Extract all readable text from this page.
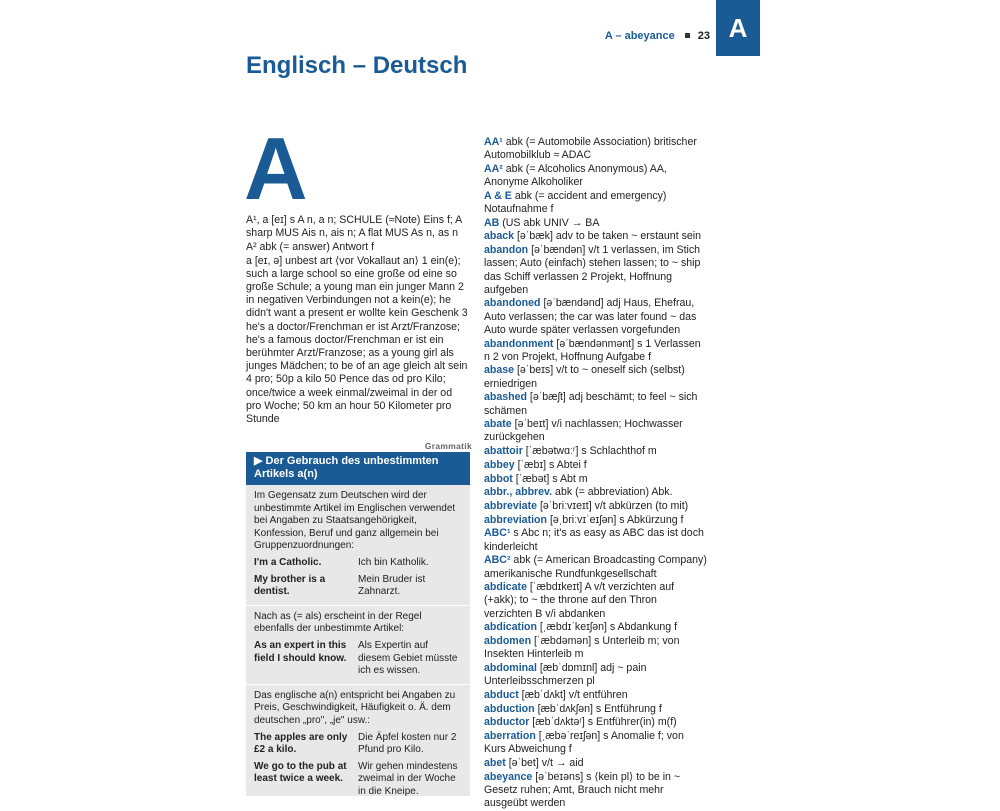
A – abeyance 23 A
Englisch – Deutsch
A
A¹, a [eɪ] s A n, a n; SCHULE (≈Note) Eins f; A sharp MUS Ais n, ais n; A flat MUS As n, as n
A² abk (= answer) Antwort f
a [eɪ, ə] unbest art ⟨vor Vokallaut an⟩ 1 ein(e); such a large school so eine große od eine so große Schule; a young man ein junger Mann 2 in negativen Verbindungen not a kein(e); he didn't want a present er wollte kein Geschenk 3 he's a doctor/Frenchman er ist Arzt/Franzose; he's a famous doctor/Frenchman er ist ein berühmter Arzt/Franzose; as a young girl als junges Mädchen; to be of an age gleich alt sein 4 pro; 50p a kilo 50 Pence das od pro Kilo; once/twice a week einmal/zweimal in der od pro Woche; 50 km an hour 50 Kilometer pro Stunde
Grammatik
▶ Der Gebrauch des unbestimmten Artikels a(n)
Im Gegensatz zum Deutschen wird der unbestimmte Artikel im Englischen verwendet bei Angaben zu Staatsangehörigkeit, Konfession, Beruf und ganz allgemein bei Gruppenzuordnungen:
I'm a Catholic.	Ich bin Katholik.
My brother is a dentist.
Mein Bruder ist Zahnarzt.
Nach as (= als) erscheint in der Regel ebenfalls der unbestimmte Artikel:
As an expert in this field I should know.
Als Expertin auf diesem Gebiet müsste ich es wissen.
Das englische a(n) entspricht bei Angaben zu Preis, Geschwindigkeit, Häufigkeit o. Ä. dem deutschen „pro", „je" usw.:
The apples are only £2 a kilo.
Die Äpfel kosten nur 2 Pfund pro Kilo.
We go to the pub at least twice a week.
Wir gehen mindestens zweimal in der Woche in die Kneipe.
AA¹ abk (= Automobile Association) britischer Automobilklub ≈ ADAC
AA² abk (= Alcoholics Anonymous) AA, Anonyme Alkoholiker
A & E abk (= accident and emergency) Notaufnahme f
AB (US abk UNIV → BA
aback [əˈbæk] adv to be taken ~ erstaunt sein
abandon [əˈbændən] v/t 1 verlassen, im Stich lassen; Auto (einfach) stehen lassen; to ~ ship das Schiff verlassen 2 Projekt, Hoffnung aufgeben
abandoned [əˈbændənd] adj Haus, Ehefrau, Auto verlassen; the car was later found ~ das Auto wurde später verlassen vorgefunden
abandonment [əˈbændənmənt] s 1 Verlassen n 2 von Projekt, Hoffnung Aufgabe f
abase [əˈbeɪs] v/t to ~ oneself sich (selbst) erniedrigen
abashed [əˈbæʃt] adj beschämt; to feel ~ sich schämen
abate [əˈbeɪt] v/i nachlassen; Hochwasser zurückgehen
abattoir [ˈæbətwɑːʳ] s Schlachthof m
abbey [ˈæbɪ] s Abtei f
abbot [ˈæbət] s Abt m
abbr., abbrev. abk (= abbreviation) Abk.
abbreviate [əˈbriːvɪeɪt] v/t abkürzen (to mit)
abbreviation [əˌbriːvɪˈeɪʃən] s Abkürzung f
ABC¹ s Abc n; it's as easy as ABC das ist doch kinderleicht
ABC² abk (= American Broadcasting Company) amerikanische Rundfunkgesellschaft
abdicate [ˈæbdɪkeɪt] A v/t verzichten auf (+akk); to ~ the throne auf den Thron verzichten B v/i abdanken
abdication [ˌæbdɪˈkeɪʃən] s Abdankung f
abdomen [ˈæbdəmən] s Unterleib m; von Insekten Hinterleib m
abdominal [æbˈdɒmɪnl] adj ~ pain Unterleibsschmerzen pl
abduct [æbˈdʌkt] v/t entführen
abduction [æbˈdʌkʃən] s Entführung f
abductor [æbˈdʌktəʳ] s Entführer(in) m(f)
aberration [ˌæbəˈreɪʃən] s Anomalie f; von Kurs Abweichung f
abet [əˈbet] v/t → aid
abeyance [əˈbeɪəns] s ⟨kein pl⟩ to be in ~ Gesetz ruhen; Amt, Brauch nicht mehr ausgeübt werden
